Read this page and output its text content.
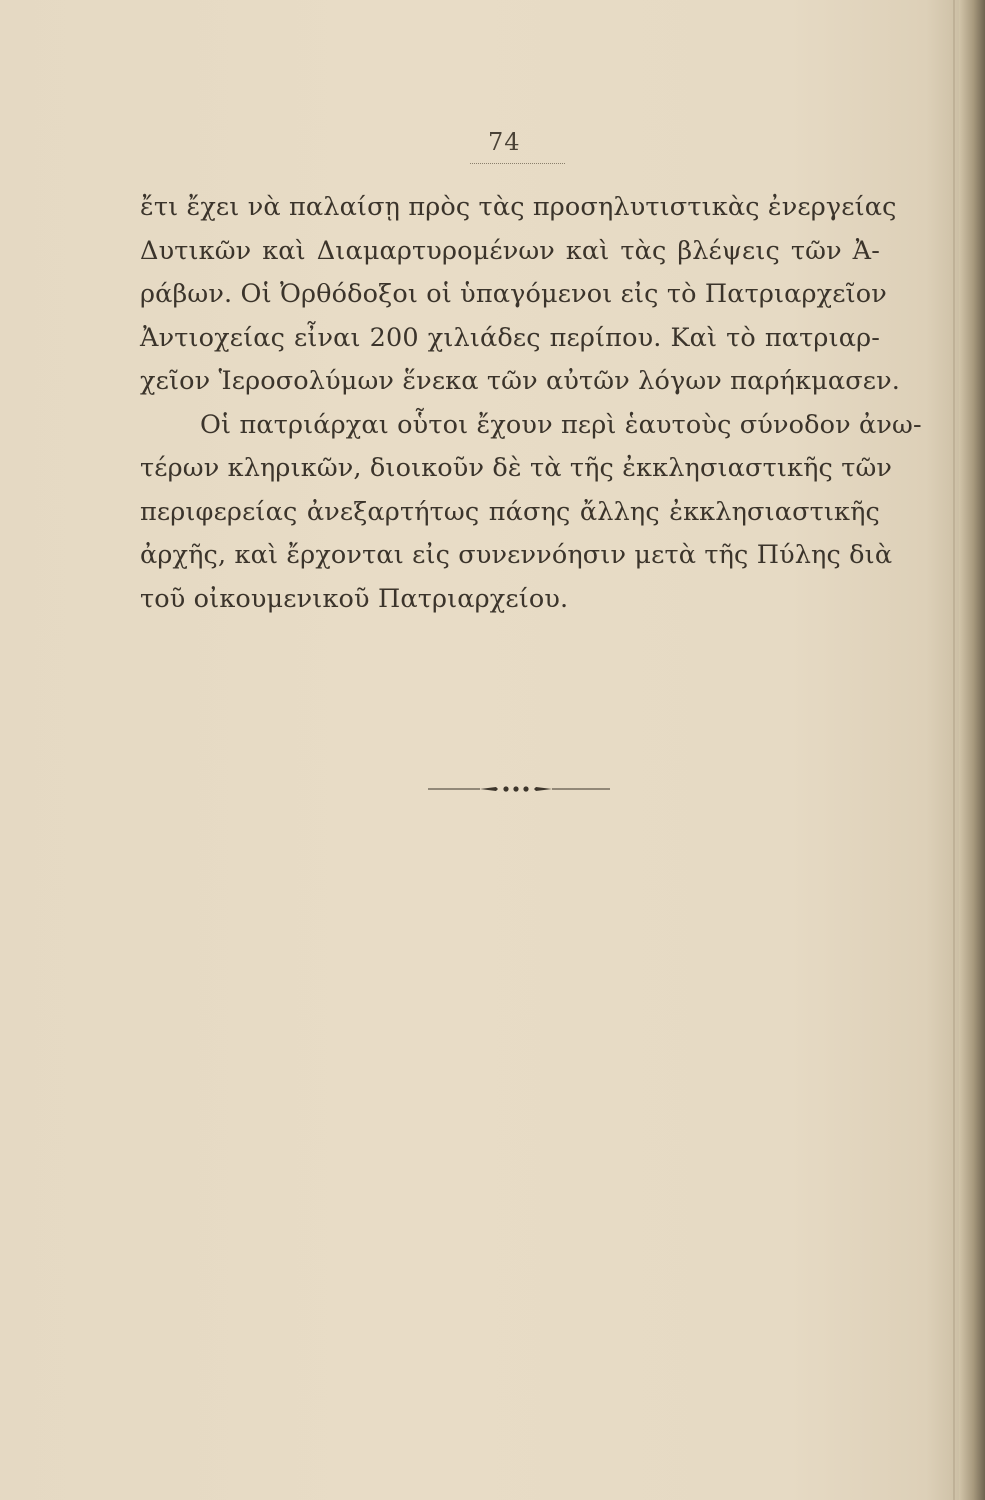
74
ἔτι ἔχει νὰ παλαίσῃ πρὸς τὰς προσηλυτιστικὰς ἐνεργείας
Δυτικῶν καὶ Διαμαρτυρομένων καὶ τὰς βλέψεις τῶν Ἀ-
ράβων. Οἱ Ὀρθόδοξοι οἱ ὑπαγόμενοι εἰς τὸ Πατριαρχεῖον
Ἀντιοχείας εἶναι 200 χιλιάδες περίπου. Καὶ τὸ πατριαρ-
χεῖον Ἱεροσολύμων ἕνεκα τῶν αὐτῶν λόγων παρήκμασεν.
Οἱ πατριάρχαι οὗτοι ἔχουν περὶ ἑαυτοὺς σύνοδον ἀνω-
τέρων κληρικῶν, διοικοῦν δὲ τὰ τῆς ἐκκλησιαστικῆς τῶν
περιφερείας ἀνεξαρτήτως πάσης ἄλλης ἐκκλησιαστικῆς
ἀρχῆς, καὶ ἔρχονται εἰς συνεννόησιν μετὰ τῆς Πύλης διὰ
τοῦ οἰκουμενικοῦ Πατριαρχείου.
